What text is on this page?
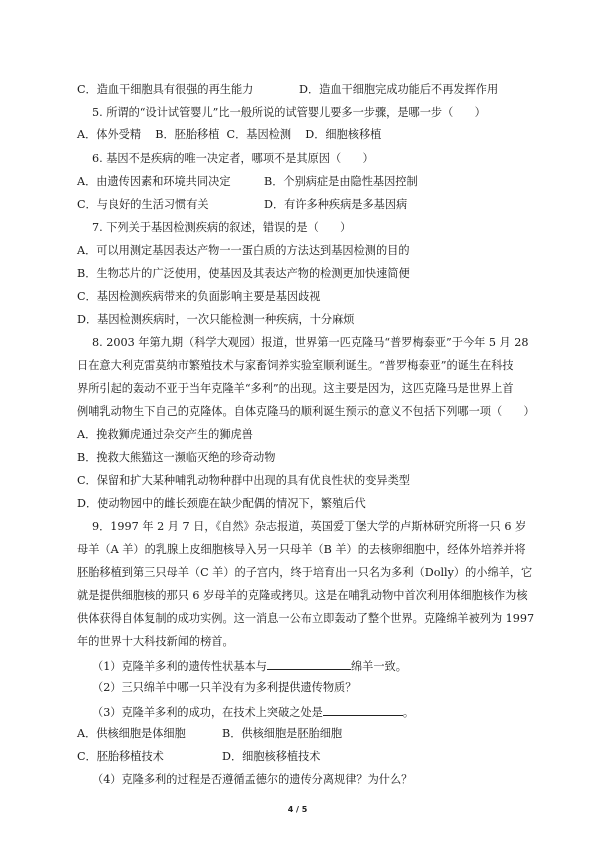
C．造血干细胞具有很强的再生能力	D．造血干细胞完成功能后不再发挥作用
5. 所谓的“设计试管婴儿”比一般所说的试管婴儿要多一步骤，是哪一步（      ）
A．体外受精    B．胚胎移植  C．基因检测    D．细胞核移植
6. 基因不是疾病的唯一决定者，哪项不是其原因（      ）
A．由遗传因素和环境共同决定	B．个别病症是由隐性基因控制
C．与良好的生活习惯有关	D．有许多种疾病是多基因病
7. 下列关于基因检测疾病的叙述，错误的是（      ）
A．可以用测定基因表达产物一一蛋白质的方法达到基因检测的目的
B．生物芯片的广泛使用，使基因及其表达产物的检测更加快速简便
C．基因检测疾病带来的负面影响主要是基因歧视
D．基因检测疾病时，一次只能检测一种疾病，十分麻烦
8. 2003 年第九期（科学大观园）报道，世界第一匹克隆马“普罗梅泰亚”于今年 5 月 28
日在意大利克雷莫纳市繁殖技术与家畜饲养实验室顺利诞生。“普罗梅泰亚”的诞生在科技
界所引起的轰动不亚于当年克隆羊“多利”的出现。这主要是因为，这匹克隆马是世界上首
例哺乳动物生下自己的克隆体。自体克隆马的顺利诞生预示的意义不包括下列哪一项（      ）
A．挽救狮虎通过杂交产生的狮虎兽
B．挽救大熊猫这一濒临灭绝的珍奇动物
C．保留和扩大某种哺乳动物种群中出现的具有优良性状的变异类型
D．使动物园中的雌长颈鹿在缺少配偶的情况下，繁殖后代
9．1997 年 2 月 7 日，《自然》杂志报道，英国爱丁堡大学的卢斯林研究所将一只 6 岁
母羊（A 羊）的乳腺上皮细胞核导入另一只母羊（B 羊）的去核卵细胞中，经体外培养并将
胚胎移植到第三只母羊（C 羊）的子宫内，终于培育出一只名为多利（Dolly）的小绵羊，它
就是提供细胞核的那只 6 岁母羊的克隆或拷贝。这是在哺乳动物中首次利用体细胞核作为核
供体获得自体复制的成功实例。这一消息一公布立即轰动了整个世界。克隆绵羊被列为 1997
年的世界十大科技新闻的榜首。
（1）克隆羊多利的遗传性状基本与	绵羊一致。
（2）三只绵羊中哪一只羊没有为多利提供遗传物质？
（3）克隆羊多利的成功，在技术上突破之处是	。
A．供核细胞是体细胞	B．供核细胞是胚胎细胞
C．胚胎移植技术	D．细胞核移植技术
（4）克隆多利的过程是否遵循孟德尔的遗传分离规律？为什么？
4 / 5
